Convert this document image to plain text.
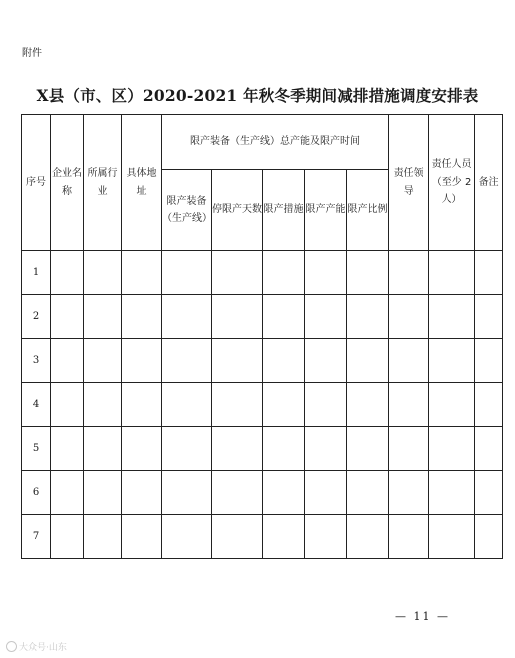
附件
X县（市、区）2020-2021 年秋冬季期间减排措施调度安排表
序号	企业名称	所属行业	具体地址	限产装备（生产线）总产能及限产时间					责任领导	责任人员（至少 2 人）	备注
				限产装备（生产线）	停限产天数	限产措施	限产产能	限产比例			
1											
2											
3											
4											
5											
6											
7											
— 11 —
大众号·山东
